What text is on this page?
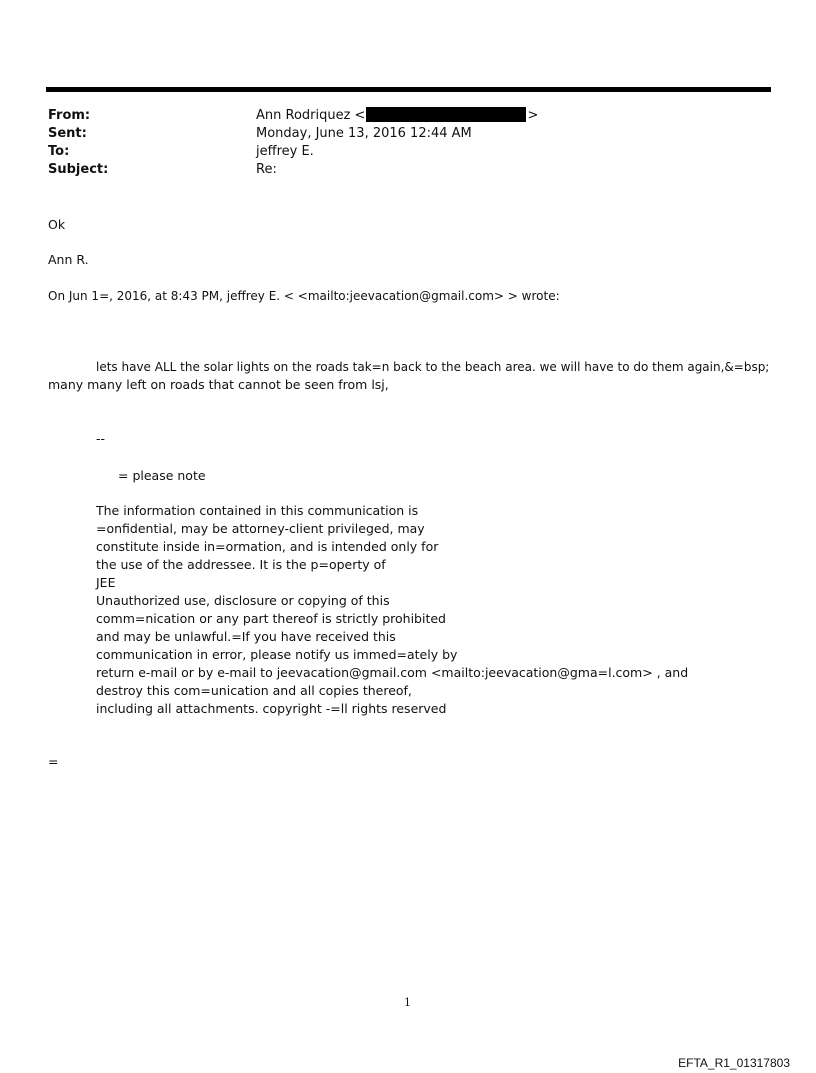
From:	Ann Rodriquez <	>
Sent:	Monday, June 13, 2016 12:44 AM
To:	jeffrey E.
Subject:	Re:
Ok
Ann R.
On Jun 1=, 2016, at 8:43 PM, jeffrey E. < <mailto:jeevacation@gmail.com> > wrote:
lets have ALL the solar lights on the roads tak=n back to the beach area. we will have to do them again,&=bsp;
many many left on roads that cannot be seen from lsj,
--
= please note
The information contained in this communication is
=onfidential, may be attorney-client privileged, may
constitute inside in=ormation, and is intended only for
the use of the addressee. It is the p=operty of
JEE
Unauthorized use, disclosure or copying of this
comm=nication or any part thereof is strictly prohibited
and may be unlawful.=If you have received this
communication in error, please notify us immed=ately by
return e-mail or by e-mail to jeevacation@gmail.com <mailto:jeevacation@gma=l.com> , and
destroy this com=unication and all copies thereof,
including all attachments. copyright -=ll rights reserved
=
1
EFTA_R1_01317803
